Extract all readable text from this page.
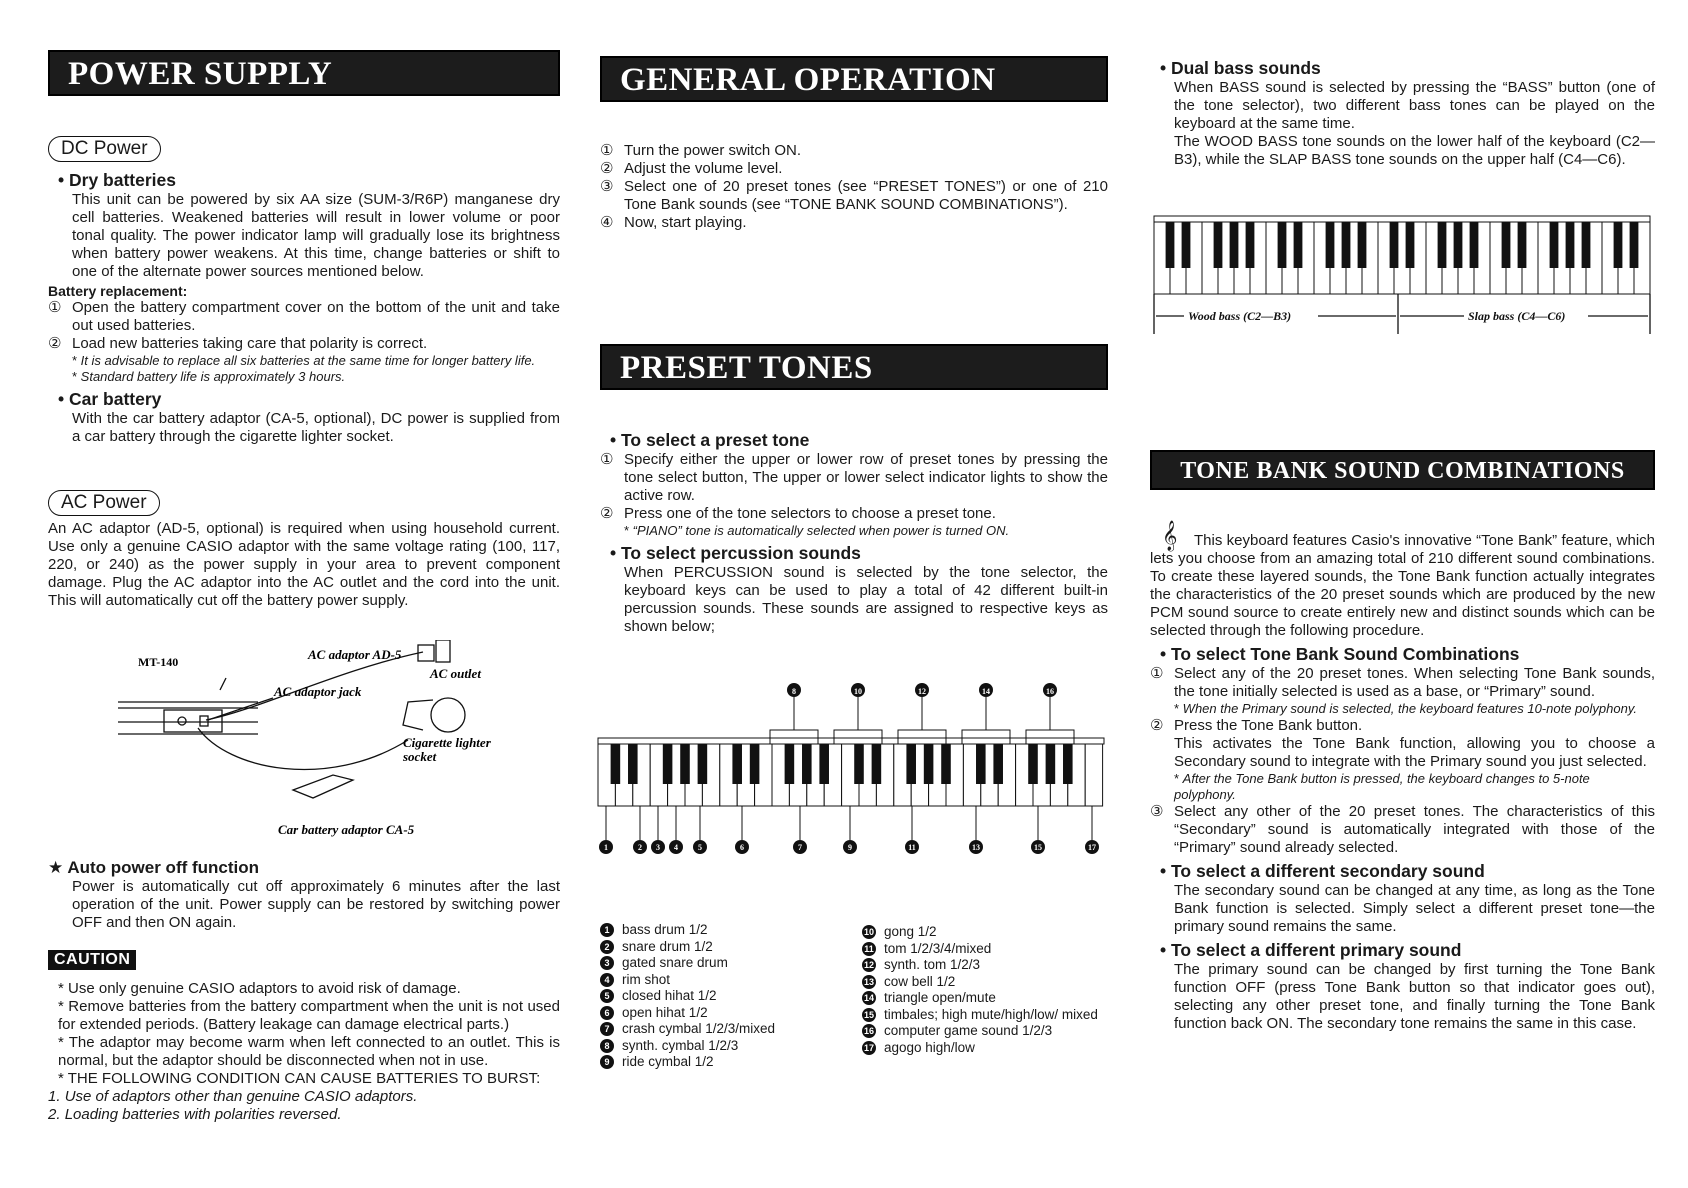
POWER SUPPLY
DC Power
• Dry batteries
This unit can be powered by six AA size (SUM-3/R6P) manganese dry cell batteries. Weakened batteries will result in lower volume or poor tonal quality. The power indicator lamp will gradually lose its brightness when battery power weakens. At this time, change batteries or shift to one of the alternate power sources mentioned below.
Battery replacement:
① Open the battery compartment cover on the bottom of the unit and take out used batteries.
② Load new batteries taking care that polarity is correct.
* It is advisable to replace all six batteries at the same time for longer battery life.
* Standard battery life is approximately 3 hours.
• Car battery
With the car battery adaptor (CA-5, optional), DC power is supplied from a car battery through the cigarette lighter socket.
AC Power
An AC adaptor (AD-5, optional) is required when using household current. Use only a genuine CASIO adaptor with the same voltage rating (100, 117, 220, or 240) as the power supply in your area to prevent component damage. Plug the AC adaptor into the AC outlet and the cord into the unit. This will automatically cut off the battery power supply.
AC adaptor AD-5
AC outlet
MT-140
AC adaptor jack
Cigarette lighter
socket
Car battery adaptor CA-5
★ Auto power off function
Power is automatically cut off approximately 6 minutes after the last operation of the unit. Power supply can be restored by switching power OFF and then ON again.
CAUTION
* Use only genuine CASIO adaptors to avoid risk of damage.
* Remove batteries from the battery compartment when the unit is not used for extended periods. (Battery leakage can damage electrical parts.)
* The adaptor may become warm when left connected to an outlet. This is normal, but the adaptor should be disconnected when not in use.
* THE FOLLOWING CONDITION CAN CAUSE BATTERIES TO BURST:
1. Use of adaptors other than genuine CASIO adaptors.
2. Loading batteries with polarities reversed.
GENERAL OPERATION
① Turn the power switch ON.
② Adjust the volume level.
③ Select one of 20 preset tones (see “PRESET TONES”) or one of 210 Tone Bank sounds (see “TONE BANK SOUND COMBINATIONS”).
④ Now, start playing.
PRESET TONES
• To select a preset tone
① Specify either the upper or lower row of preset tones by pressing the tone select button, The upper or lower select indicator lights to show the active row.
② Press one of the tone selectors to choose a preset tone.
* “PIANO” tone is automatically selected when power is turned ON.
• To select percussion sounds
When PERCUSSION sound is selected by the tone selector, the keyboard keys can be used to play a total of 42 different built-in percussion sounds. These sounds are assigned to respective keys as shown below;
8	10	12	14	16
1	2 3 4	5	6	7	9	11	13	15	17
1 bass drum 1/2
2 snare drum 1/2
3 gated snare drum
4 rim shot
5 closed hihat 1/2
6 open hihat 1/2
7 crash cymbal 1/2/3/mixed
8 synth. cymbal 1/2/3
9 ride cymbal 1/2
10 gong 1/2
11 tom 1/2/3/4/mixed
12 synth. tom 1/2/3
13 cow bell 1/2
14 triangle open/mute
15 timbales; high mute/high/low/ mixed
16 computer game sound 1/2/3
17 agogo high/low
• Dual bass sounds
When BASS sound is selected by pressing the “BASS” button (one of the tone selector), two different bass tones can be played on the keyboard at the same time.
The WOOD BASS tone sounds on the lower half of the keyboard (C2—B3), while the SLAP BASS tone sounds on the upper half (C4—C6).
Wood bass (C2—B3)	Slap bass (C4—C6)
TONE BANK SOUND COMBINATIONS
𝄞 This keyboard features Casio's innovative “Tone Bank” feature, which lets you choose from an amazing total of 210 different sound combinations. To create these layered sounds, the Tone Bank function actually integrates the characteristics of the 20 preset sounds which are produced by the new PCM sound source to create entirely new and distinct sounds which can be selected through the following procedure.
• To select Tone Bank Sound Combinations
① Select any of the 20 preset tones. When selecting Tone Bank sounds, the tone initially selected is used as a base, or “Primary” sound.
* When the Primary sound is selected, the keyboard features 10-note polyphony.
② Press the Tone Bank button.
This activates the Tone Bank function, allowing you to choose a Secondary sound to integrate with the Primary sound you just selected.
* After the Tone Bank button is pressed, the keyboard changes to 5-note polyphony.
③ Select any other of the 20 preset tones. The characteristics of this “Secondary” sound is automatically integrated with those of the “Primary” sound already selected.
• To select a different secondary sound
The secondary sound can be changed at any time, as long as the Tone Bank function is selected. Simply select a different preset tone—the primary sound remains the same.
• To select a different primary sound
The primary sound can be changed by first turning the Tone Bank function OFF (press Tone Bank button so that indicator goes out), selecting any other preset tone, and finally turning the Tone Bank function back ON. The secondary tone remains the same in this case.
